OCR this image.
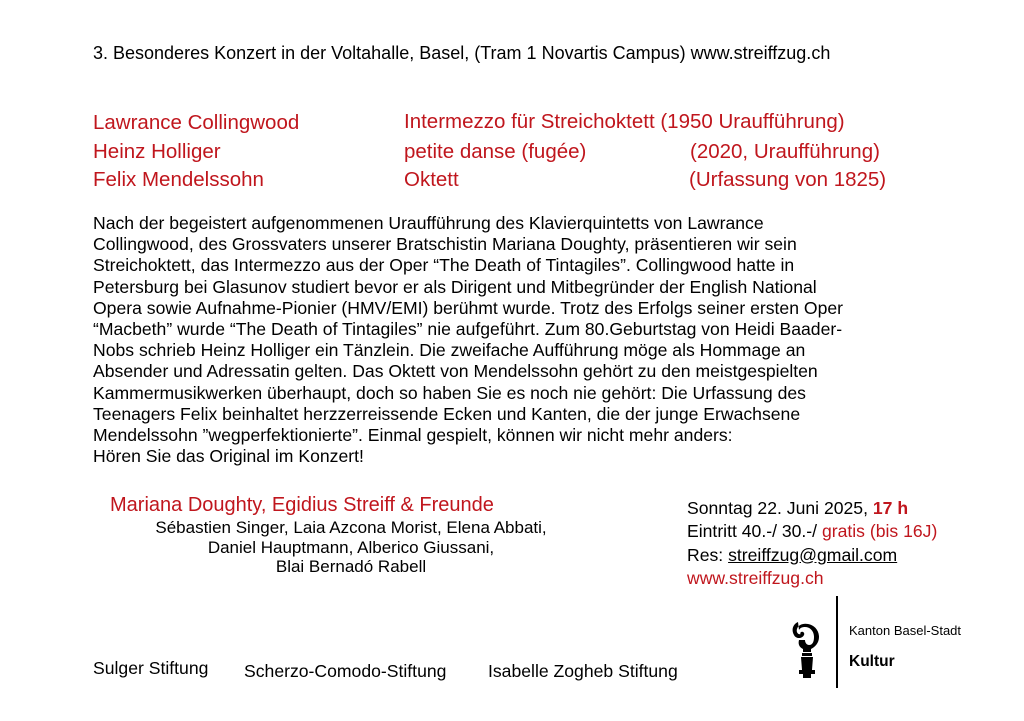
3. Besonderes Konzert in der Voltahalle, Basel, (Tram 1 Novartis Campus) www.streiffzug.ch
Lawrance Collingwood	Intermezzo für Streichoktett (1950 Uraufführung)
Heinz Holliger	petite danse (fugée)	(2020, Uraufführung)
Felix Mendelssohn	Oktett	(Urfassung von 1825)
Nach der begeistert aufgenommenen Uraufführung des Klavierquintetts von Lawrance
Collingwood, des Grossvaters unserer Bratschistin Mariana Doughty, präsentieren wir sein
Streichoktett, das Intermezzo aus der Oper “The Death of Tintagiles”. Collingwood hatte in
Petersburg bei Glasunov studiert bevor er als Dirigent und Mitbegründer der English National
Opera sowie Aufnahme-Pionier (HMV/EMI) berühmt wurde. Trotz des Erfolgs seiner ersten Oper
“Macbeth” wurde “The Death of Tintagiles” nie aufgeführt. Zum 80.Geburtstag von Heidi Baader-
Nobs schrieb Heinz Holliger ein Tänzlein. Die zweifache Aufführung möge als Hommage an
Absender und Adressatin gelten. Das Oktett von Mendelssohn gehört zu den meistgespielten
Kammermusikwerken überhaupt, doch so haben Sie es noch nie gehört: Die Urfassung des
Teenagers Felix beinhaltet herzzerreissende Ecken und Kanten, die der junge Erwachsene
Mendelssohn ”wegperfektionierte”. Einmal gespielt, können wir nicht mehr anders:
Hören Sie das Original im Konzert!
Mariana Doughty, Egidius Streiff & Freunde
Sébastien Singer, Laia Azcona Morist, Elena Abbati,
Daniel Hauptmann, Alberico Giussani,
Blai Bernadó Rabell
Sonntag 22. Juni 2025, 17 h
Eintritt 40.-/ 30.-/ gratis (bis 16J)
Res: streiffzug@gmail.com
www.streiffzug.ch
Sulger Stiftung Scherzo-Comodo-Stiftung Isabelle Zogheb Stiftung
Kanton Basel-Stadt
Kultur
